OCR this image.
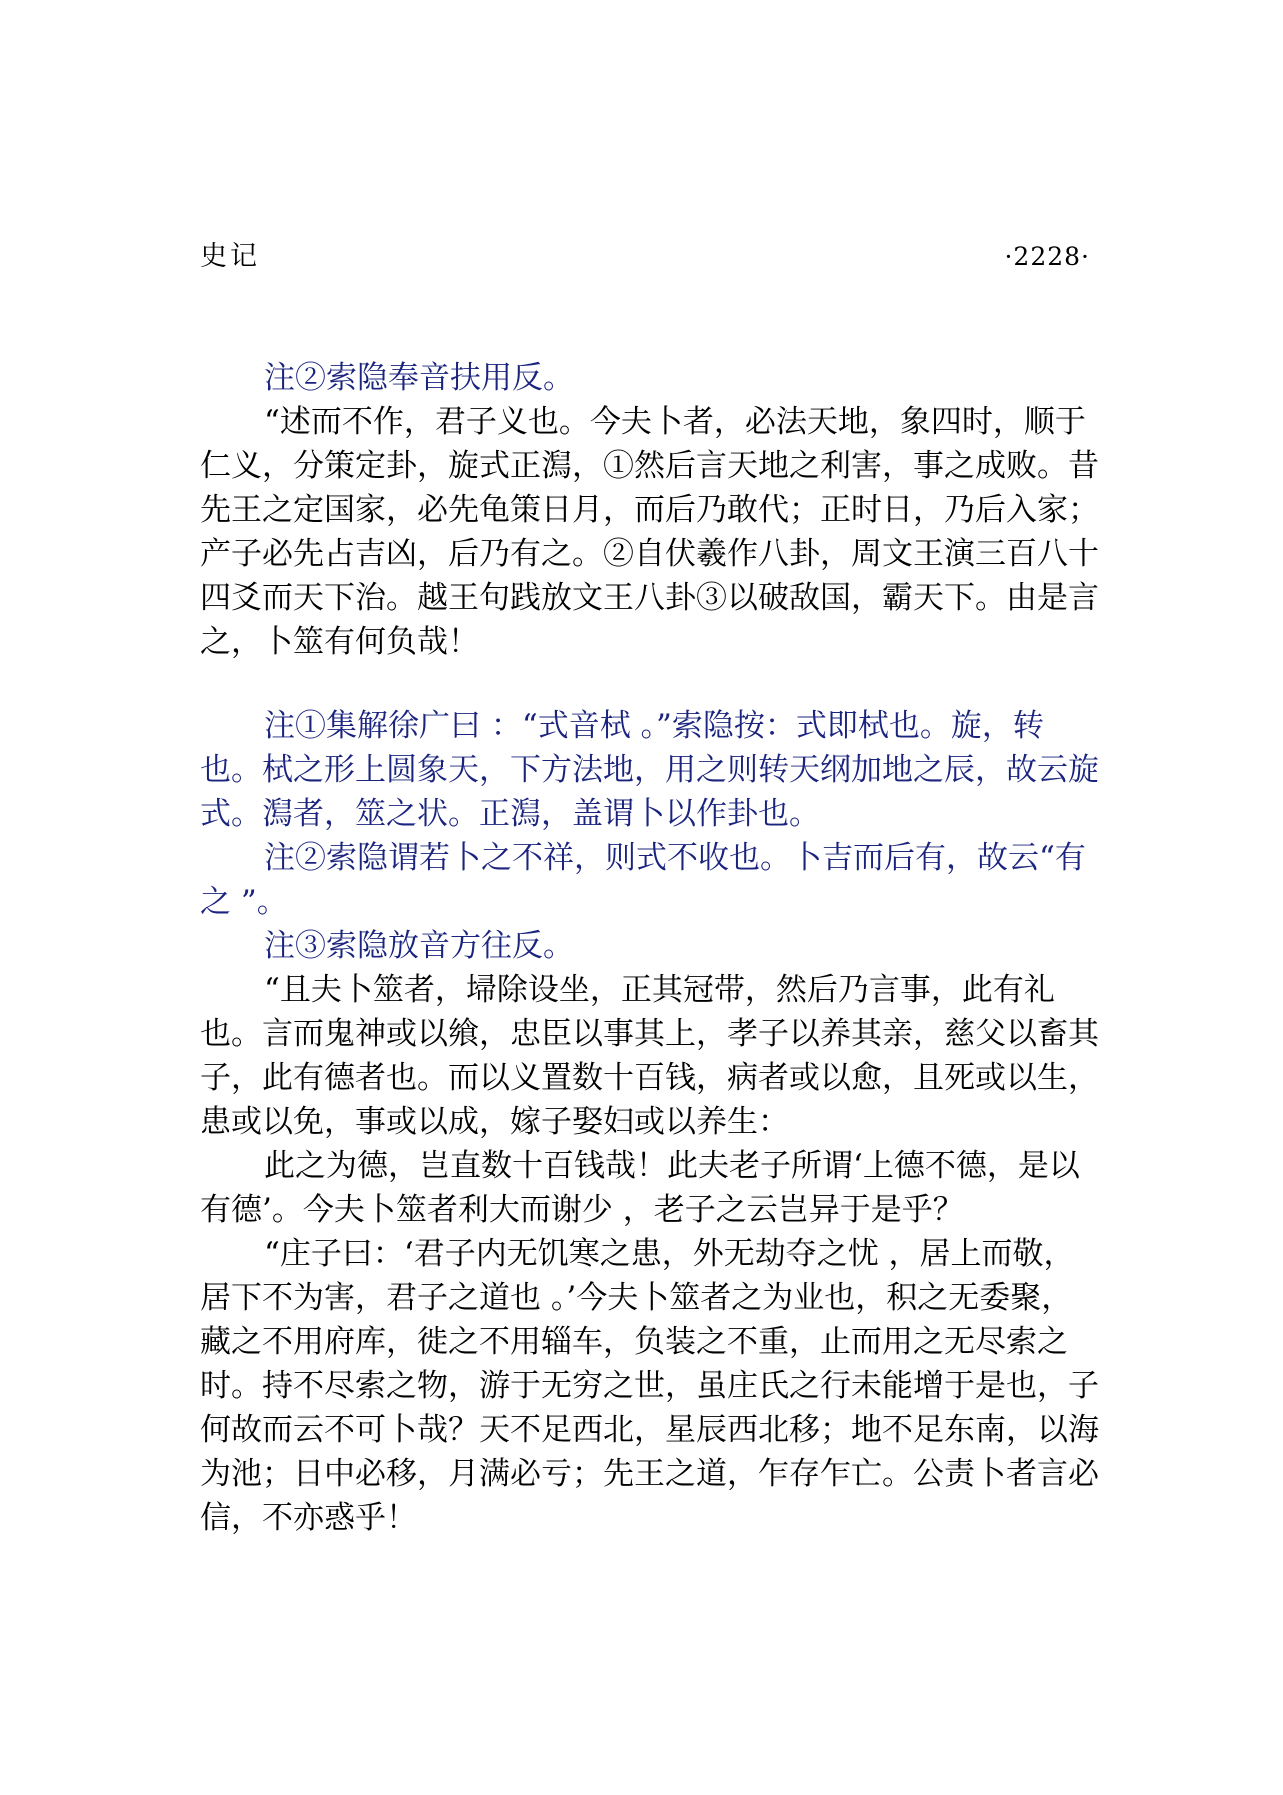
史记	·2228·

注②索隐奉音扶用反。

“述而不作，君子义也。今夫卜者，必法天地，象四时，顺于仁义，分策定卦，旋式正澙，①然后言天地之利害，事之成败。昔先王之定国家，必先龟策日月，而后乃敢代；正时日，乃后入家；产子必先占吉凶，后乃有之。②自伏羲作八卦，周文王演三百八十四爻而天下治。越王句践放文王八卦③以破敌国，霸天下。由是言之，卜筮有何负哉！

注①集解徐广曰 ：“式音栻 。”索隐按：式即栻也。旋，转也。栻之形上圆象天，下方法地，用之则转天纲加地之辰，故云旋式。澙者，筮之状。正澙，盖谓卜以作卦也。

注②索隐谓若卜之不祥，则式不收也。卜吉而后有，故云“有之 ”。

注③索隐放音方往反。

“且夫卜筮者，埽除设坐，正其冠带，然后乃言事，此有礼也。言而鬼神或以飨，忠臣以事其上，孝子以养其亲，慈父以畜其子，此有德者也。而以义置数十百钱，病者或以愈，且死或以生，患或以免，事或以成，嫁子娶妇或以养生：

此之为德，岂直数十百钱哉！此夫老子所谓‘上德不德，是以有德’。今夫卜筮者利大而谢少 ，老子之云岂异于是乎？

“庄子曰：‘君子内无饥寒之患，外无劫夺之忧 ，居上而敬，居下不为害，君子之道也 。’今夫卜筮者之为业也，积之无委聚，藏之不用府库，徙之不用辎车，负装之不重，止而用之无尽索之时。持不尽索之物，游于无穷之世，虽庄氏之行未能增于是也，子何故而云不可卜哉？天不足西北，星辰西北移；地不足东南，以海为池；日中必移，月满必亏；先王之道，乍存乍亡。公责卜者言必信，不亦惑乎！
